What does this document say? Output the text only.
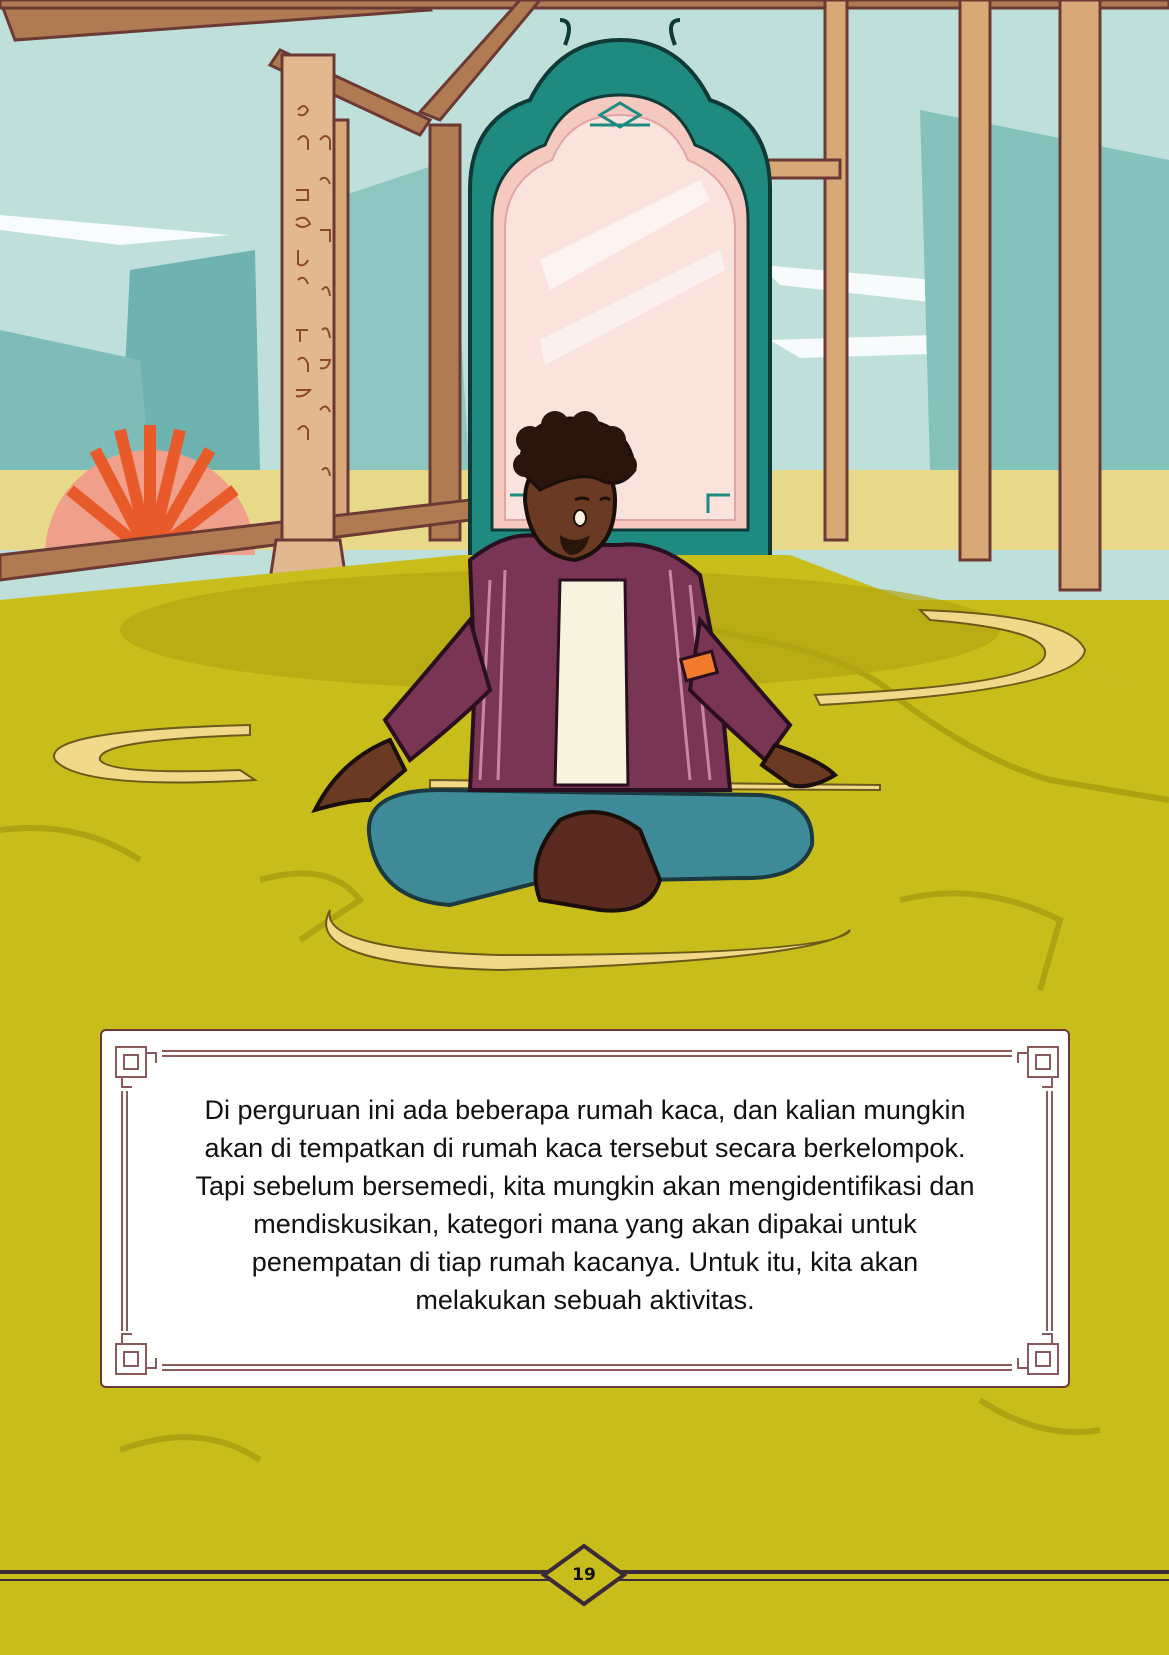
Di perguruan ini ada beberapa rumah kaca, dan kalian mungkin
akan di tempatkan di rumah kaca tersebut secara berkelompok.
Tapi sebelum bersemedi, kita mungkin akan mengidentifikasi dan
mendiskusikan, kategori mana yang akan dipakai untuk
penempatan di tiap rumah kacanya. Untuk itu, kita akan
melakukan sebuah aktivitas.

19
